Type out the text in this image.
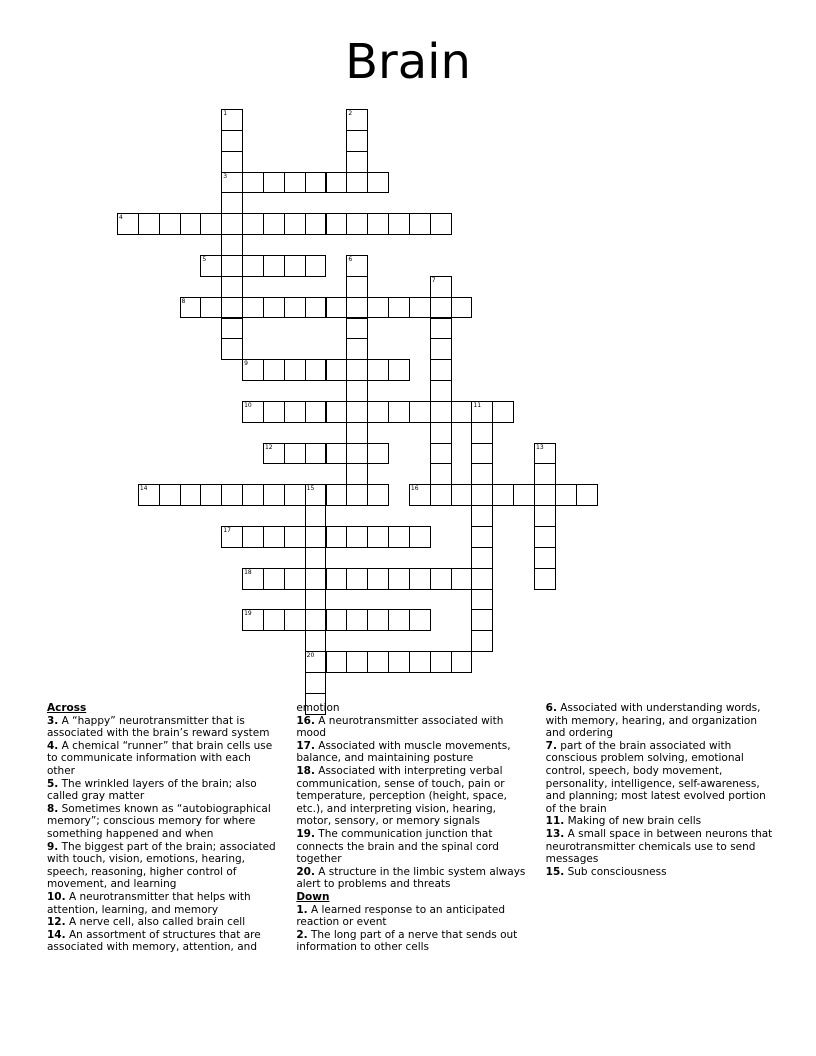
Brain
1
3
2
4
5	6
7
8
9
10	11
12	13
14	15
20
16
17
18
19
Across

3. A “happy” neurotransmitter that is associated with the brain’s reward system

4. A chemical “runner” that brain cells use to communicate information with each other

5. The wrinkled layers of the brain; also called gray matter

8. Sometimes known as “autobiographical memory”; conscious memory for where something happened and when

9. The biggest part of the brain; associated with touch, vision, emotions, hearing, speech, reasoning, higher control of movement, and learning

10. A neurotransmitter that helps with attention, learning, and memory

12. A nerve cell, also called brain cell

14. An assortment of structures that are associated with memory, attention, and emotion

16. A neurotransmitter associated with mood

17. Associated with muscle movements, balance, and maintaining posture

18. Associated with interpreting verbal communication, sense of touch, pain or temperature, perception (height, space, etc.), and interpreting vision, hearing, motor, sensory, or memory signals

19. The communication junction that connects the brain and the spinal cord together

20. A structure in the limbic system always alert to problems and threats

Down

1. A learned response to an anticipated reaction or event

2. The long part of a nerve that sends out information to other cells

6. Associated with understanding words, with memory, hearing, and organization and ordering

7. part of the brain associated with conscious problem solving, emotional control, speech, body movement, personality, intelligence, self-awareness, and planning; most latest evolved portion of the brain

11. Making of new brain cells

13. A small space in between neurons that neurotransmitter chemicals use to send messages

15. Sub consciousness
